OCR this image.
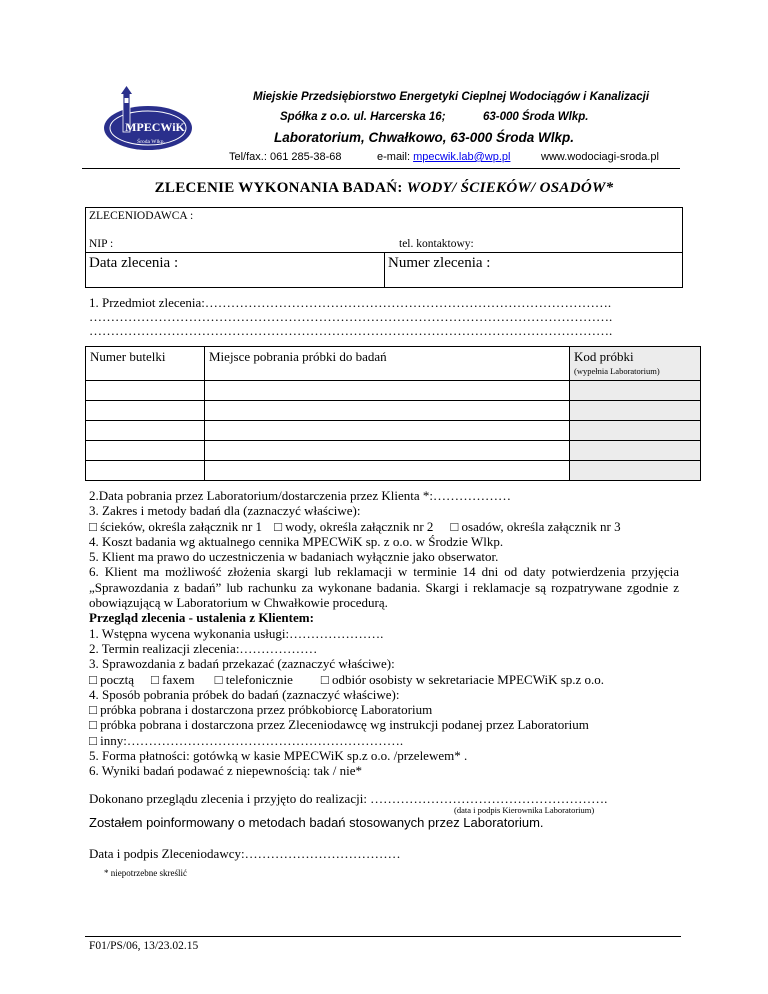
MPECWiK
Środa Wlkp.
Miejskie Przedsiębiorstwo Energetyki Cieplnej Wodociągów i Kanalizacji
Spółka z o.o. ul. Harcerska 16;	63-000 Środa Wlkp.
Laboratorium, Chwałkowo, 63-000 Środa Wlkp.
Tel/fax.: 061 285-38-68	e-mail: mpecwik.lab@wp.pl	www.wodociagi-sroda.pl
ZLECENIE WYKONANIA BADAŃ: WODY/ ŚCIEKÓW/ OSADÓW*
ZLECENIODAWCA :
NIP :	tel. kontaktowy:
Data zlecenia :	Numer zlecenia :
1. Przedmiot zlecenia:………………………………………………………………………………….
………………………………………………………………………………………………………….
………………………………………………………………………………………………………….
Numer butelki	Miejsce pobrania próbki do badań	Kod próbki
(wypełnia Laboratorium)

2.Data pobrania przez Laboratorium/dostarczenia przez Klienta *:………………
3. Zakres i metody badań dla (zaznaczyć właściwe):
□ ścieków, określa załącznik nr 1 □ wody, określa załącznik nr 2 □ osadów, określa załącznik nr 3
4. Koszt badania wg aktualnego cennika MPECWiK sp. z o.o. w Środzie Wlkp.
5. Klient ma prawo do uczestniczenia w badaniach wyłącznie jako obserwator.
6. Klient ma możliwość złożenia skargi lub reklamacji w terminie 14 dni od daty potwierdzenia przyjęcia „Sprawozdania z badań” lub rachunku za wykonane badania. Skargi i reklamacje są rozpatrywane zgodnie z obowiązującą w Laboratorium w Chwałkowie procedurą.
Przegląd zlecenia - ustalenia z Klientem:
1. Wstępna wycena wykonania usługi:………………….
2. Termin realizacji zlecenia:………………
3. Sprawozdania z badań przekazać (zaznaczyć właściwe):
□ pocztą □ faxem □ telefonicznie □ odbiór osobisty w sekretariacie MPECWiK sp.z o.o.
4. Sposób pobrania próbek do badań (zaznaczyć właściwe):
□ próbka pobrana i dostarczona przez próbkobiorcę Laboratorium
□ próbka pobrana i dostarczona przez Zleceniodawcę wg instrukcji podanej przez Laboratorium
□ inny:……………………………………………………….
5. Forma płatności: gotówką w kasie MPECWiK sp.z o.o. /przelewem* .
6. Wyniki badań podawać z niepewnością: tak / nie*
Dokonano przeglądu zlecenia i przyjęto do realizacji: ……………………………………………….
(data i podpis Kierownika Laboratorium)
Zostałem poinformowany o metodach badań stosowanych przez Laboratorium.
Data i podpis Zleceniodawcy:………………………………
* niepotrzebne skreślić
F01/PS/06, 13/23.02.15
